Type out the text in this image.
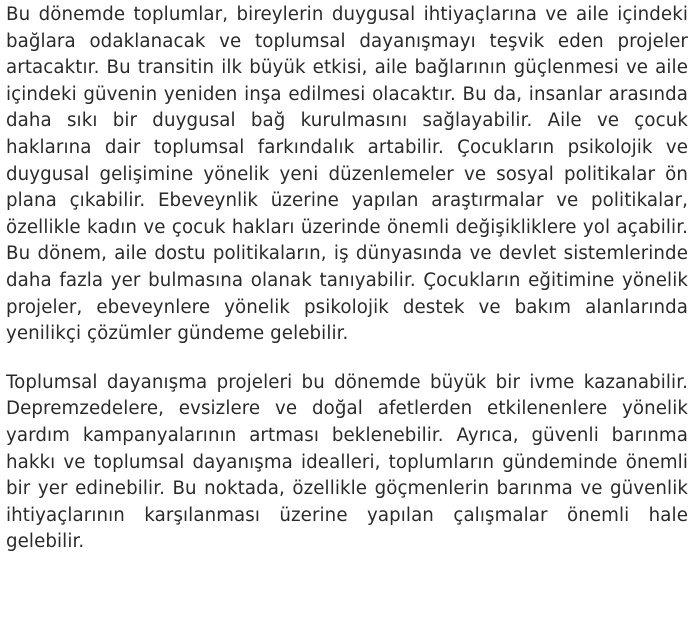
Bu dönemde toplumlar, bireylerin duygusal ihtiyaçlarına ve aile içindeki bağlara odaklanacak ve toplumsal dayanışmayı teşvik eden projeler artacaktır. Bu transitin ilk büyük etkisi, aile bağlarının güçlenmesi ve aile içindeki güvenin yeniden inşa edilmesi olacaktır. Bu da, insanlar arasında daha sıkı bir duygusal bağ kurulmasını sağlayabilir. Aile ve çocuk haklarına dair toplumsal farkındalık artabilir. Çocukların psikolojik ve duygusal gelişimine yönelik yeni düzenlemeler ve sosyal politikalar ön plana çıkabilir. Ebeveynlik üzerine yapılan araştırmalar ve politikalar, özellikle kadın ve çocuk hakları üzerinde önemli değişikliklere yol açabilir. Bu dönem, aile dostu politikaların, iş dünyasında ve devlet sistemlerinde daha fazla yer bulmasına olanak tanıyabilir. Çocukların eğitimine yönelik projeler, ebeveynlere yönelik psikolojik destek ve bakım alanlarında yenilikçi çözümler gündeme gelebilir.

Toplumsal dayanışma projeleri bu dönemde büyük bir ivme kazanabilir. Depremzedelere, evsizlere ve doğal afetlerden etkilenenlere yönelik yardım kampanyalarının artması beklenebilir. Ayrıca, güvenli barınma hakkı ve toplumsal dayanışma idealleri, toplumların gündeminde önemli bir yer edinebilir. Bu noktada, özellikle göçmenlerin barınma ve güvenlik ihtiyaçlarının karşılanması üzerine yapılan çalışmalar önemli hale gelebilir.
